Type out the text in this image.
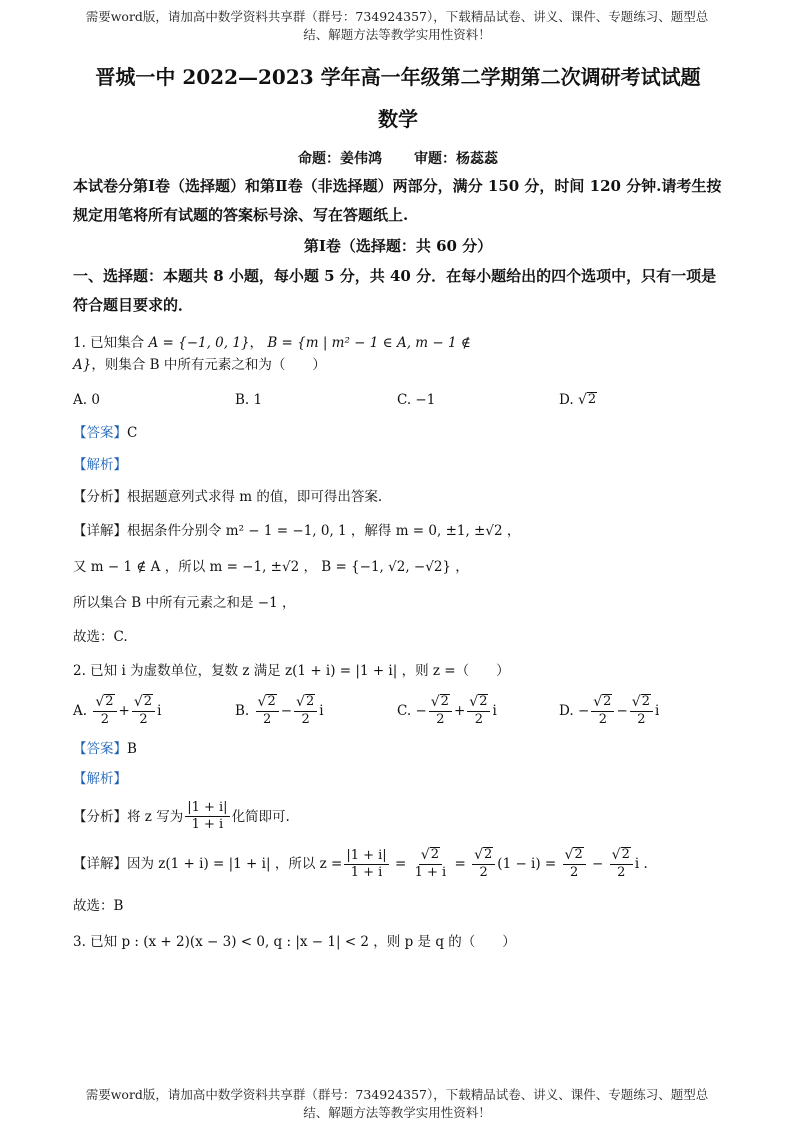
需要word版，请加高中数学资料共享群（群号：734924357），下载精品试卷、讲义、课件、专题练习、题型总
结、解题方法等教学实用性资料！
晋城一中 2022—2023 学年高一年级第二学期第二次调研考试试题
数学
命题：姜伟鸿 审题：杨蕊蕊
本试卷分第Ⅰ卷（选择题）和第Ⅱ卷（非选择题）两部分，满分 150 分，时间 120 分钟.请考生按规定用笔将所有试题的答案标号涂、写在答题纸上.
第Ⅰ卷（选择题：共 60 分）
一、选择题：本题共 8 小题，每小题 5 分，共 40 分．在每小题给出的四个选项中，只有一项是符合题目要求的．
1. 已知集合 A = {−1, 0, 1}， B = {m | m² − 1 ∈ A, m − 1 ∉ A}，则集合 B 中所有元素之和为（　　）
A. 0	B. 1	C. −1	D.
√ 2
【答案】C
【解析】
【分析】根据题意列式求得 m 的值，即可得出答案.
【详解】根据条件分别令 m² − 1 = −1, 0, 1 ，解得 m = 0, ±1, ±√2 ，
又 m − 1 ∉ A ，所以 m = −1, ±√2 ， B = {−1, √2, −√2} ，
所以集合 B 中所有元素之和是 −1 ，
故选：C.
2. 已知 i 为虚数单位，复数 z 满足 z(1 + i) = |1 + i| ，则 z =（　　）
A.
$\frac{√ 2}{2} + \frac{√ 2}{2}$ i	B.
$\frac{√ 2}{2} - \frac{√ 2}{2}$ i	C.
− $\frac{√ 2}{2} + \frac{√ 2}{2}$ i	D.
− $\frac{√ 2}{2} - \frac{√ 2}{2}$ i
【答案】B
【解析】
【分析】 将 z 写为 $\frac{|1 + i|}{1 + i}$ 化简即可.
【详解】 因为 z(1 + i) = |1 + i| ，所以 $z = \frac{|1 + i|}{1 + i} = \frac{√ 2}{1 + i} = \frac{√ 2}{2} (1 - i)$ =
$\frac{√ 2}{2} - \frac{√ 2}{2}$ i .
故选：B
3. 已知 p : (x + 2)(x − 3) < 0, q : |x − 1| < 2 ，则 p 是 q 的（　　）
需要word版，请加高中数学资料共享群（群号：734924357），下载精品试卷、讲义、课件、专题练习、题型总
结、解题方法等教学实用性资料！
